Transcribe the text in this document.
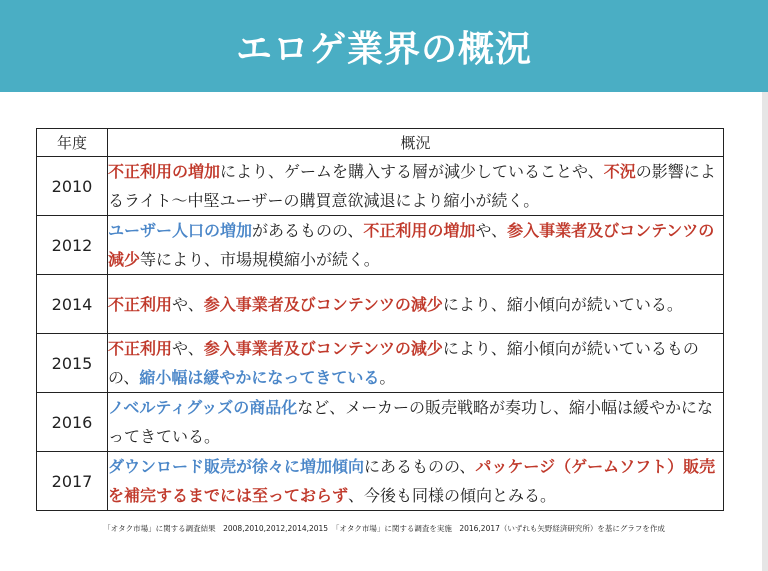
エロゲ業界の概況
年度	概況
2010	不正利用の増加により、ゲームを購入する層が減少していることや、不況の影響によるライト～中堅ユーザーの購買意欲減退により縮小が続く。
2012	ユーザー人口の増加があるものの、不正利用の増加や、参入事業者及びコンテンツの減少等により、市場規模縮小が続く。
2014	不正利用や、参入事業者及びコンテンツの減少により、縮小傾向が続いている。
2015	不正利用や、参入事業者及びコンテンツの減少により、縮小傾向が続いているものの、縮小幅は緩やかになってきている。
2016	ノベルティグッズの商品化など、メーカーの販売戦略が奏功し、縮小幅は緩やかになってきている。
2017	ダウンロード販売が徐々に増加傾向にあるものの、パッケージ（ゲームソフト）販売を補完するまでには至っておらず、今後も同様の傾向とみる。
「オタク市場」に関する調査結果　2008,2010,2012,2014,2015　「オタク市場」に関する調査を実施　2016,2017（いずれも矢野経済研究所）を基にグラフを作成
